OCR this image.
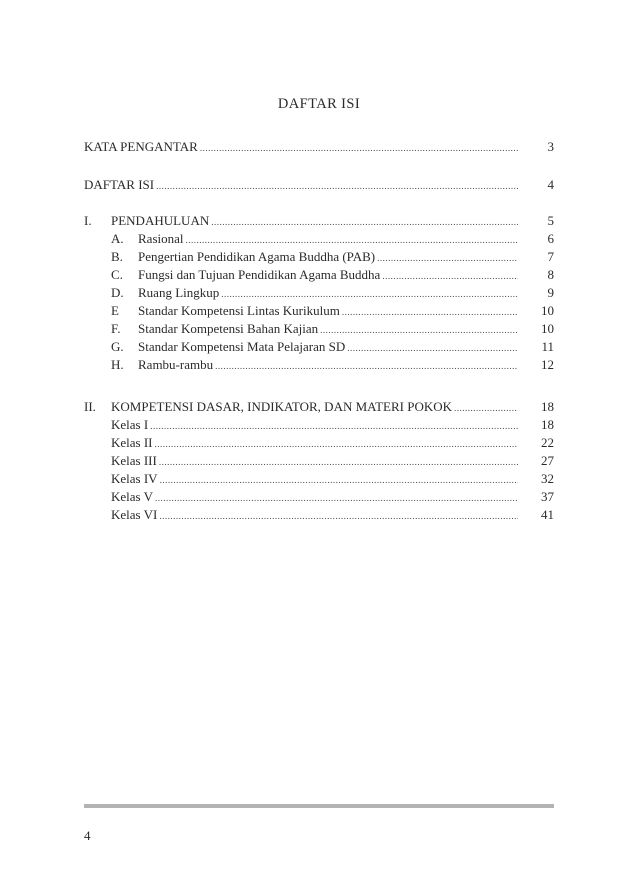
DAFTAR ISI
KATA PENGANTAR .....	3
DAFTAR ISI .....	4
I.	PENDAHULUAN .....	5
A.	Rasional .....	6
B.	Pengertian Pendidikan Agama Buddha (PAB) .....	7
C.	Fungsi dan Tujuan Pendidikan Agama Buddha .....	8
D.	Ruang Lingkup .....	9
E	Standar Kompetensi Lintas Kurikulum .....	10
F.	Standar Kompetensi Bahan Kajian .....	10
G.	Standar Kompetensi Mata Pelajaran SD .....	11
H.	Rambu-rambu .....	12
II.	KOMPETENSI DASAR, INDIKATOR, DAN MATERI POKOK .....	18
Kelas I .....	18
Kelas II .....	22
Kelas III .....	27
Kelas IV .....	32
Kelas V .....	37
Kelas VI .....	41
4
